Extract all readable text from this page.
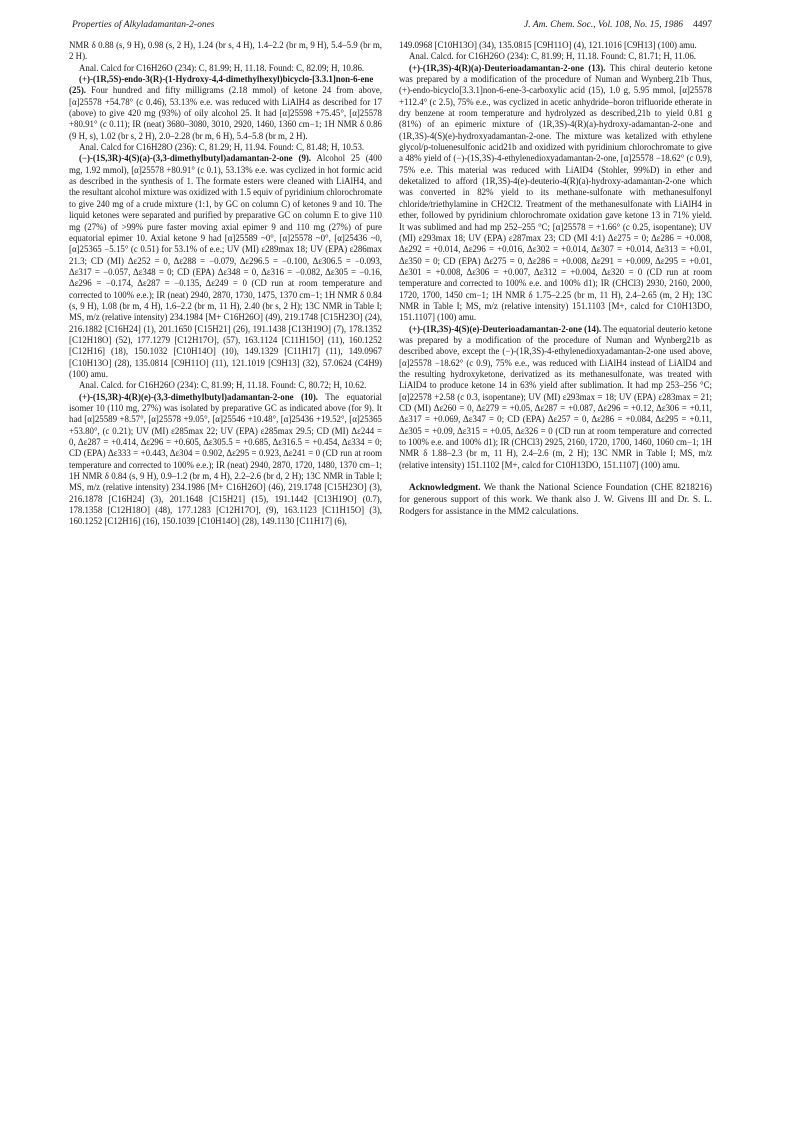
Properties of Alkyladamantan-2-ones	J. Am. Chem. Soc., Vol. 108, No. 15, 1986 4497

NMR δ 0.88 (s, 9 H), 0.98 (s, 2 H), 1.24 (br s, 4 H), 1.4–2.2 (br m, 9 H), 5.4–5.9 (br m, 2 H).

Anal. Calcd for C16H26O (234): C, 81.99; H, 11.18. Found: C, 82.09; H, 10.86.

(+)-(1R,5S)-endo-3(R)-(1-Hydroxy-4,4-dimethylhexyl)bicyclo-[3.3.1]non-6-ene (25). Four hundred and fifty milligrams (2.18 mmol) of ketone 24 from above, [α]25578 +54.78° (c 0.46), 53.13% e.e. was reduced with LiAlH4 as described for 17 (above) to give 420 mg (93%) of oily alcohol 25. It had [α]25598 +75.45°, [α]25578 +80.91° (c 0.11); IR (neat) 3680–3080, 3010, 2920, 1460, 1360 cm−1; 1H NMR δ 0.86 (9 H, s), 1.02 (br s, 2 H), 2.0–2.28 (br m, 6 H), 5.4–5.8 (br m, 2 H).

Anal. Calcd for C16H28O (236): C, 81.29; H, 11.94. Found: C, 81.48; H, 10.53.

(−)-(1S,3R)-4(S)(a)-(3,3-dimethylbutyl)adamantan-2-one (9). Alcohol 25 (400 mg, 1.92 mmol), [α]25578 +80.91° (c 0.1), 53.13% e.e. was cyclized in hot formic acid as described in the synthesis of 1. The formate esters were cleaned with LiAlH4, and the resultant alcohol mixture was oxidized with 1.5 equiv of pyridinium chlorochromate to give 240 mg of a crude mixture (1:1, by GC on column C) of ketones 9 and 10. The liquid ketones were separated and purified by preparative GC on column E to give 110 mg (27%) of >99% pure faster moving axial epimer 9 and 110 mg (27%) of pure equatorial epimer 10. Axial ketone 9 had [α]25589 ~0°, [α]25578 ~0°, [α]25436 ~0, [α]25365 −5.15° (c 0.51) for 53.1% of e.e.; UV (MI) ε289max 18; UV (EPA) ε286max 21.3; CD (MI) Δε252 = 0, Δε288 = −0.079, Δε296.5 = −0.100, Δε306.5 = −0.093, Δε317 = −0.057, Δε348 = 0; CD (EPA) Δε348 = 0, Δε316 = −0.082, Δε305 = −0.16, Δε296 = −0.174, Δε287 = −0.135, Δε249 = 0 (CD run at room temperature and corrected to 100% e.e.); IR (neat) 2940, 2870, 1730, 1475, 1370 cm−1; 1H NMR δ 0.84 (s, 9 H), 1.08 (br m, 4 H), 1.6–2.2 (br m, 11 H), 2.40 (br s, 2 H); 13C NMR in Table I; MS, m/z (relative intensity) 234.1984 [M+ C16H26O] (49), 219.1748 [C15H23O] (24), 216.1882 [C16H24] (1), 201.1650 [C15H21] (26), 191.1438 [C13H19O] (7), 178.1352 [C12H18O] (52), 177.1279 [C12H17O], (57), 163.1124 [C11H15O] (11), 160.1252 [C12H16] (18), 150.1032 [C10H14O] (10), 149.1329 [C11H17] (11), 149.0967 [C10H13O] (28), 135.0814 [C9H11O] (11), 121.1019 [C9H13] (32), 57.0624 (C4H9) (100) amu.

Anal. Calcd. for C16H26O (234): C, 81.99; H, 11.18. Found: C, 80.72; H, 10.62.

(+)-(1S,3R)-4(R)(e)-(3,3-dimethylbutyl)adamantan-2-one (10). The equatorial isomer 10 (110 mg, 27%) was isolated by preparative GC as indicated above (for 9). It had [α]25589 +8.57°, [α]25578 +9.05°, [α]25546 +10.48°, [α]25436 +19.52°, [α]25365 +53.80°, (c 0.21); UV (MI) ε285max 22; UV (EPA) ε285max 29.5; CD (MI) Δε244 = 0, Δε287 = +0.414, Δε296 = +0.605, Δε305.5 = +0.685, Δε316.5 = +0.454, Δε334 = 0; CD (EPA) Δε333 = +0.443, Δε304 = 0.902, Δε295 = 0.923, Δε241 = 0 (CD run at room temperature and corrected to 100% e.e.); IR (neat) 2940, 2870, 1720, 1480, 1370 cm−1; 1H NMR δ 0.84 (s, 9 H), 0.9–1.2 (br m, 4 H), 2.2–2.6 (br d, 2 H); 13C NMR in Table I; MS, m/z (relative intensity) 234.1986 [M+ C16H26O] (46), 219.1748 [C15H23O] (3), 216.1878 [C16H24] (3), 201.1648 [C15H21] (15), 191.1442 [C13H19O] (0.7), 178.1358 [C12H18O] (48), 177.1283 [C12H17O], (9), 163.1123 [C11H15O] (3), 160.1252 [C12H16] (16), 150.1039 [C10H14O] (28), 149.1130 [C11H17] (6),

149.0968 [C10H13O] (34), 135.0815 [C9H11O] (4), 121.1016 [C9H13] (100) amu.

Anal. Calcd. for C16H26O (234): C, 81.99; H, 11.18. Found: C, 81.71; H, 11.06.

(+)-(1R,3S)-4(R)(a)-Deuterioadamantan-2-one (13). This chiral deuterio ketone was prepared by a modification of the procedure of Numan and Wynberg.21b Thus, (+)-endo-bicyclo[3.3.1]non-6-ene-3-carboxylic acid (15), 1.0 g, 5.95 mmol, [α]25578 +112.4° (c 2.5), 75% e.e., was cyclized in acetic anhydride–boron trifluoride etherate in dry benzene at room temperature and hydrolyzed as described,21b to yield 0.81 g (81%) of an epimeric mixture of (1R,3S)-4(R)(a)-hydroxy-adamantan-2-one and (1R,3S)-4(S)(e)-hydroxyadamantan-2-one. The mixture was ketalized with ethylene glycol/p-toluenesulfonic acid21b and oxidized with pyridinium chlorochromate to give a 48% yield of (−)-(1S,3S)-4-ethylenedioxyadamantan-2-one, [α]25578 −18.62° (c 0.9), 75% e.e. This material was reduced with LiAlD4 (Stohler, 99%D) in ether and deketalized to afford (1R,3S)-4(e)-deuterio-4(R)(a)-hydroxy-adamantan-2-one which was converted in 82% yield to its methane-sulfonate with methanesulfonyl chloride/triethylamine in CH2Cl2. Treatment of the methanesulfonate with LiAlH4 in ether, followed by pyridinium chlorochromate oxidation gave ketone 13 in 71% yield. It was sublimed and had mp 252–255 °C; [α]25578 = +1.66° (c 0.25, isopentane); UV (MI) ε293max 18; UV (EPA) ε287max 23; CD (MI 4:1) Δε275 = 0; Δε286 = +0.008, Δε292 = +0.014, Δε296 = +0.016, Δε302 = +0.014, Δε307 = +0.014, Δε313 = +0.01, Δε350 = 0; CD (EPA) Δε275 = 0, Δε286 = +0.008, Δε291 = +0.009, Δε295 = +0.01, Δε301 = +0.008, Δε306 = +0.007, Δε312 = +0.004, Δε320 = 0 (CD run at room temperature and corrected to 100% e.e. and 100% d1); IR (CHCl3) 2930, 2160, 2000, 1720, 1700, 1450 cm−1; 1H NMR δ 1.75–2.25 (br m, 11 H), 2.4–2.65 (m, 2 H); 13C NMR in Table I; MS, m/z (relative intensity) 151.1103 [M+, calcd for C10H13DO, 151.1107] (100) amu.

(+)-(1R,3S)-4(S)(e)-Deuterioadamantan-2-one (14). The equatorial deuterio ketone was prepared by a modification of the procedure of Numan and Wynberg21b as described above, except the (−)-(1R,3S)-4-ethylenedioxyadamantan-2-one used above, [α]25578 −18.62° (c 0.9), 75% e.e., was reduced with LiAlH4 instead of LiAlD4 and the resulting hydroxyketone, derivatized as its methanesulfonate, was treated with LiAlD4 to produce ketone 14 in 63% yield after sublimation. It had mp 253–256 °C; [α]22578 +2.58 (c 0.3, isopentane); UV (MI) ε293max = 18; UV (EPA) ε283max = 21; CD (MI) Δε260 = 0, Δε279 = +0.05, Δε287 = +0.087, Δε296 = +0.12, Δε306 = +0.11, Δε317 = +0.069, Δε347 = 0; CD (EPA) Δε257 = 0, Δε286 = +0.084, Δε295 = +0.11, Δε305 = +0.09, Δε315 = +0.05, Δε326 = 0 (CD run at room temperature and corrected to 100% e.e. and 100% d1); IR (CHCl3) 2925, 2160, 1720, 1700, 1460, 1060 cm−1; 1H NMR δ 1.88–2.3 (br m, 11 H), 2.4–2.6 (m, 2 H); 13C NMR in Table I; MS, m/z (relative intensity) 151.1102 [M+, calcd for C10H13DO, 151.1107] (100) amu.

Acknowledgment. We thank the National Science Foundation (CHE 8218216) for generous support of this work. We thank also J. W. Givens III and Dr. S. L. Rodgers for assistance in the MM2 calculations.
